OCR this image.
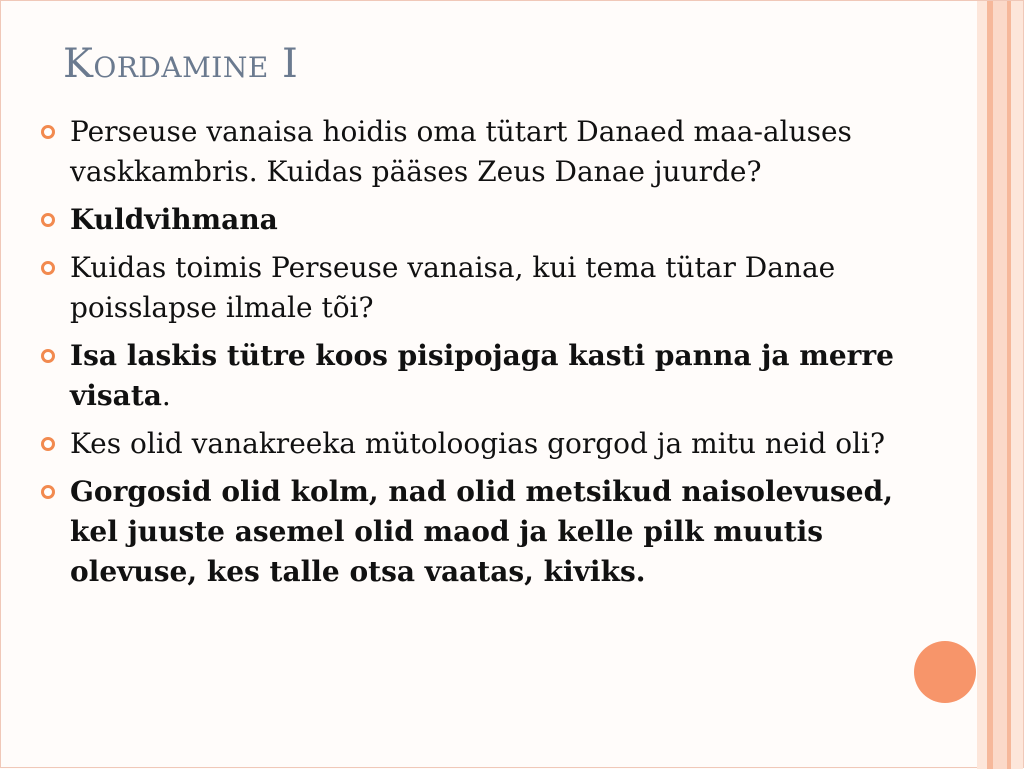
Kordamine I
Perseuse vanaisa hoidis oma tütart Danaed maa-aluses vaskkambris. Kuidas pääses Zeus Danae juurde?
Kuldvihmana
Kuidas toimis Perseuse vanaisa, kui tema tütar Danae poisslapse ilmale tõi?
Isa laskis tütre koos pisipojaga kasti panna ja merre visata.
Kes olid vanakreeka mütoloogias gorgod ja mitu neid oli?
Gorgosid olid kolm, nad olid metsikud naisolevused, kel juuste asemel olid maod ja kelle pilk muutis olevuse, kes talle otsa vaatas, kiviks.
